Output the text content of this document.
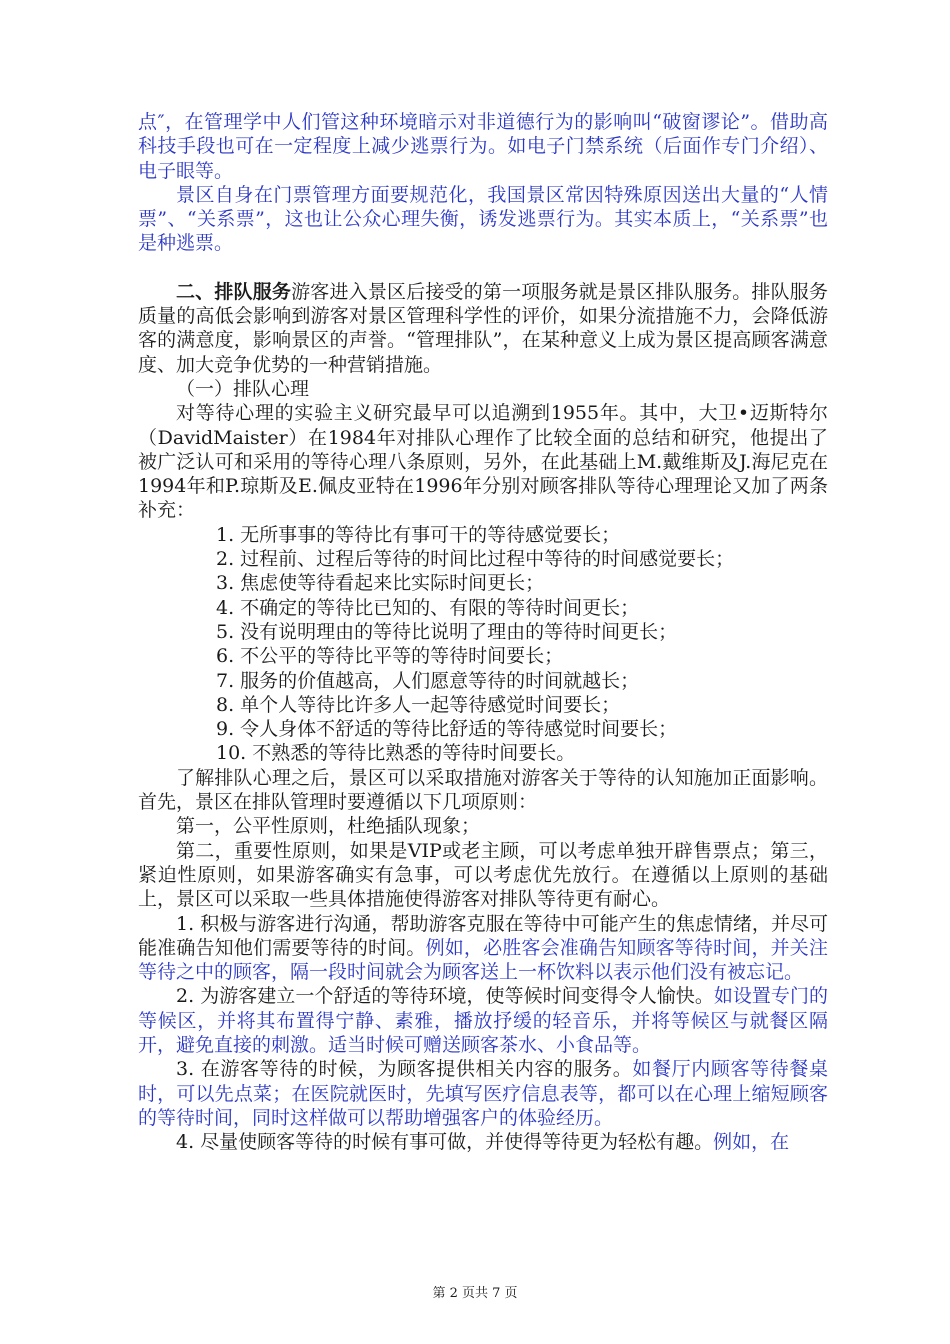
点″，在管理学中人们管这种环境暗示对非道德行为的影响叫“破窗谬论”。借助高科技手段也可在一定程度上减少逃票行为。如电子门禁系统（后面作专门介绍）、电子眼等。

景区自身在门票管理方面要规范化，我国景区常因特殊原因送出大量的“人情票”、“关系票”，这也让公众心理失衡，诱发逃票行为。其实本质上，“关系票”也是种逃票。

二、排队服务游客进入景区后接受的第一项服务就是景区排队服务。排队服务质量的高低会影响到游客对景区管理科学性的评价，如果分流措施不力，会降低游客的满意度，影响景区的声誉。“管理排队”，在某种意义上成为景区提高顾客满意度、加大竞争优势的一种营销措施。

（一）排队心理

对等待心理的实验主义研究最早可以追溯到1955年。其中，大卫•迈斯特尔（DavidMaister）在1984年对排队心理作了比较全面的总结和研究，他提出了被广泛认可和采用的等待心理八条原则，另外，在此基础上M.戴维斯及J.海尼克在1994年和P.琼斯及E.佩皮亚特在1996年分别对顾客排队等待心理理论又加了两条补充：

1. 无所事事的等待比有事可干的等待感觉要长；
2. 过程前、过程后等待的时间比过程中等待的时间感觉要长；
3. 焦虑使等待看起来比实际时间更长；
4. 不确定的等待比已知的、有限的等待时间更长；
5. 没有说明理由的等待比说明了理由的等待时间更长；
6. 不公平的等待比平等的等待时间要长；
7. 服务的价值越高，人们愿意等待的时间就越长；
8. 单个人等待比许多人一起等待感觉时间要长；
9. 令人身体不舒适的等待比舒适的等待感觉时间要长；
10. 不熟悉的等待比熟悉的等待时间要长。

了解排队心理之后，景区可以采取措施对游客关于等待的认知施加正面影响。首先，景区在排队管理时要遵循以下几项原则：

第一，公平性原则，杜绝插队现象；

第二，重要性原则，如果是VIP或老主顾，可以考虑单独开辟售票点；第三，紧迫性原则，如果游客确实有急事，可以考虑优先放行。在遵循以上原则的基础上，景区可以采取一些具体措施使得游客对排队等待更有耐心。

1. 积极与游客进行沟通，帮助游客克服在等待中可能产生的焦虑情绪，并尽可能准确告知他们需要等待的时间。例如，必胜客会准确告知顾客等待时间，并关注等待之中的顾客，隔一段时间就会为顾客送上一杯饮料以表示他们没有被忘记。

2. 为游客建立一个舒适的等待环境，使等候时间变得令人愉快。如设置专门的等候区，并将其布置得宁静、素雅，播放抒缓的轻音乐，并将等候区与就餐区隔开，避免直接的刺激。适当时候可赠送顾客茶水、小食品等。

3. 在游客等待的时候，为顾客提供相关内容的服务。如餐厅内顾客等待餐桌时，可以先点菜；在医院就医时，先填写医疗信息表等，都可以在心理上缩短顾客的等待时间，同时这样做可以帮助增强客户的体验经历。

4. 尽量使顾客等待的时候有事可做，并使得等待更为轻松有趣。例如，在

第 2 页共 7 页
